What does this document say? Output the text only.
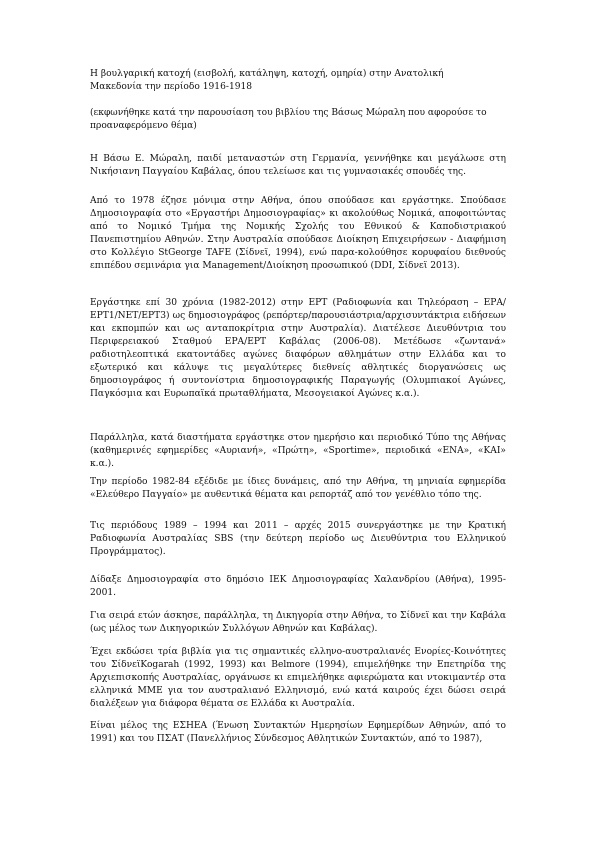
Η βουλγαρική κατοχή (εισβολή, κατάληψη, κατοχή, ομηρία) στην Ανατολική
Μακεδονία την περίοδο 1916-1918

(εκφωνήθηκε κατά την παρουσίαση του βιβλίου της Βάσως Μώραλη που αφορούσε το προαναφερόμενο θέμα)

Η Βάσω Ε. Μώραλη, παιδί μεταναστών στη Γερμανία, γεννήθηκε και μεγάλωσε στη Νικήσιανη Παγγαίου Καβάλας, όπου τελείωσε και τις γυμνασιακές σπουδές της.

Από το 1978 έζησε μόνιμα στην Αθήνα, όπου σπούδασε και εργάστηκε. Σπούδασε Δημοσιογραφία στο «Εργαστήρι Δημοσιογραφίας» κι ακολούθως Νομικά, αποφοιτώντας από το Νομικό Τμήμα της Νομικής Σχολής του Εθνικού & Καποδιστριακού Πανεπιστημίου Αθηνών. Στην Αυστραλία σπούδασε Διοίκηση Επιχειρήσεων - Διαφήμιση στο Κολλέγιο StGeorge TAFE (Σίδνεϊ, 1994), ενώ παρα-κολούθησε κορυφαίου διεθνούς επιπέδου σεμινάρια για Management/Διοίκηση προσωπικού (DDI, Σίδνεϊ 2013).

Εργάστηκε επί 30 χρόνια (1982-2012) στην ΕΡΤ (Ραδιοφωνία και Τηλεόραση – ΕΡΑ/ΕΡΤ1/ΝΕΤ/ΕΡΤ3) ως δημοσιογράφος (ρεπόρτερ/παρουσιάστρια/αρχισυντάκτρια ειδήσεων και εκπομπών και ως ανταποκρίτρια στην Αυστραλία). Διατέλεσε Διευθύντρια του Περιφερειακού Σταθμού ΕΡΑ/ΕΡΤ Καβάλας (2006-08). Μετέδωσε «ζωντανά» ραδιοτηλεοπτικά εκατοντάδες αγώνες διαφόρων αθλημάτων στην Ελλάδα και το εξωτερικό και κάλυψε τις μεγαλύτερες διεθνείς αθλητικές διοργανώσεις ως δημοσιογράφος ή συντονίστρια δημοσιογραφικής Παραγωγής (Ολυμπιακοί Αγώνες, Παγκόσμια και Ευρωπαϊκά πρωταθλήματα, Μεσογειακοί Αγώνες κ.α.).

Παράλληλα, κατά διαστήματα εργάστηκε στον ημερήσιο και περιοδικό Τύπο της Αθήνας (καθημερινές εφημερίδες «Αυριανή», «Πρώτη», «Sportime», περιοδικά «ΕΝΑ», «ΚΑΙ» κ.α.).

Την περίοδο 1982-84 εξέδιδε με ίδιες δυνάμεις, από την Αθήνα, τη μηνιαία εφημερίδα «Ελεύθερο Παγγαίο» με αυθεντικά θέματα και ρεπορτάζ από τον γενέθλιο τόπο της.

Τις περιόδους 1989 – 1994 και 2011 – αρχές 2015 συνεργάστηκε με την Κρατική Ραδιοφωνία Αυστραλίας SBS (την δεύτερη περίοδο ως Διευθύντρια του Ελληνικού Προγράμματος).

Δίδαξε Δημοσιογραφία στο δημόσιο ΙΕΚ Δημοσιογραφίας Χαλανδρίου (Αθήνα), 1995-2001.

Για σειρά ετών άσκησε, παράλληλα, τη Δικηγορία στην Αθήνα, το Σίδνεϊ και την Καβάλα (ως μέλος των Δικηγορικών Συλλόγων Αθηνών και Καβάλας).

Έχει εκδώσει τρία βιβλία για τις σημαντικές ελληνο-αυστραλιανές Ενορίες-Κοινότητες του ΣίδνεϊKogarah (1992, 1993) και Belmore (1994), επιμελήθηκε την Επετηρίδα της Αρχιεπισκοπής Αυστραλίας, οργάνωσε κι επιμελήθηκε αφιερώματα και ντοκιμαντέρ στα ελληνικά ΜΜΕ για τον αυστραλιανό Ελληνισμό, ενώ κατά καιρούς έχει δώσει σειρά διαλέξεων για διάφορα θέματα σε Ελλάδα κι Αυστραλία.

Είναι μέλος της ΕΣΗΕΑ (Ένωση Συντακτών Ημερησίων Εφημερίδων Αθηνών, από το 1991) και του ΠΣΑΤ (Πανελλήνιος Σύνδεσμος Αθλητικών Συντακτών, από το 1987),
